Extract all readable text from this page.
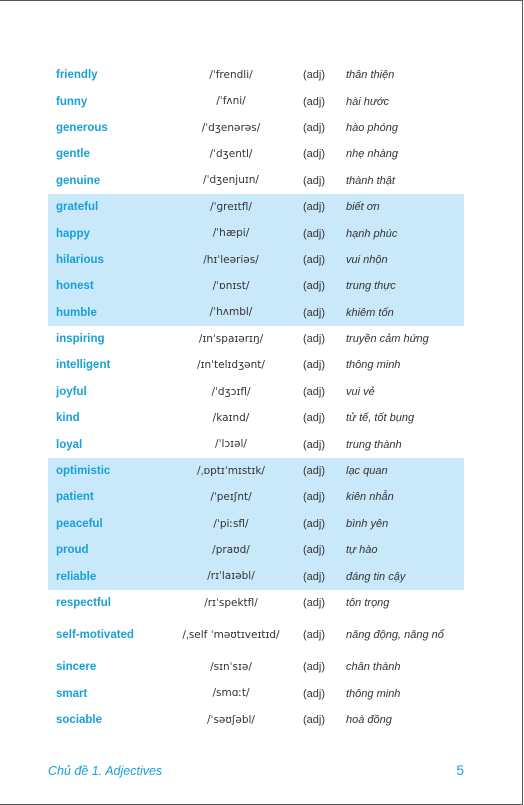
friendly	/ˈfrendli/	(adj)	thân thiện
funny	/ˈfʌni/	(adj)	hài hước
generous	/ˈdʒenərəs/	(adj)	hào phóng
gentle	/ˈdʒentl/	(adj)	nhẹ nhàng
genuine	/ˈdʒenjuɪn/	(adj)	thành thật
grateful	/ˈɡreɪtfl/	(adj)	biết ơn
happy	/ˈhæpi/	(adj)	hạnh phúc
hilarious	/hɪˈleəriəs/	(adj)	vui nhộn
honest	/ˈɒnɪst/	(adj)	trung thực
humble	/ˈhʌmbl/	(adj)	khiêm tốn
inspiring	/ɪnˈspaɪərɪŋ/	(adj)	truyền cảm hứng
intelligent	/ɪnˈtelɪdʒənt/	(adj)	thông minh
joyful	/ˈdʒɔɪfl/	(adj)	vui vẻ
kind	/kaɪnd/	(adj)	tử tế, tốt bụng
loyal	/ˈlɔɪəl/	(adj)	trung thành
optimistic	/ˌɒptɪˈmɪstɪk/	(adj)	lạc quan
patient	/ˈpeɪʃnt/	(adj)	kiên nhẫn
peaceful	/ˈpiːsfl/	(adj)	bình yên
proud	/praʊd/	(adj)	tự hào
reliable	/rɪˈlaɪəbl/	(adj)	đáng tin cậy
respectful	/rɪˈspektfl/	(adj)	tôn trọng
self-motivated	/ˌself ˈməʊtɪveɪtɪd/	(adj)	năng động, năng nổ
sincere	/sɪnˈsɪə/	(adj)	chân thành
smart	/smɑːt/	(adj)	thông minh
sociable	/ˈsəʊʃəbl/	(adj)	hoà đồng
Chủ đề 1. Adjectives	5
